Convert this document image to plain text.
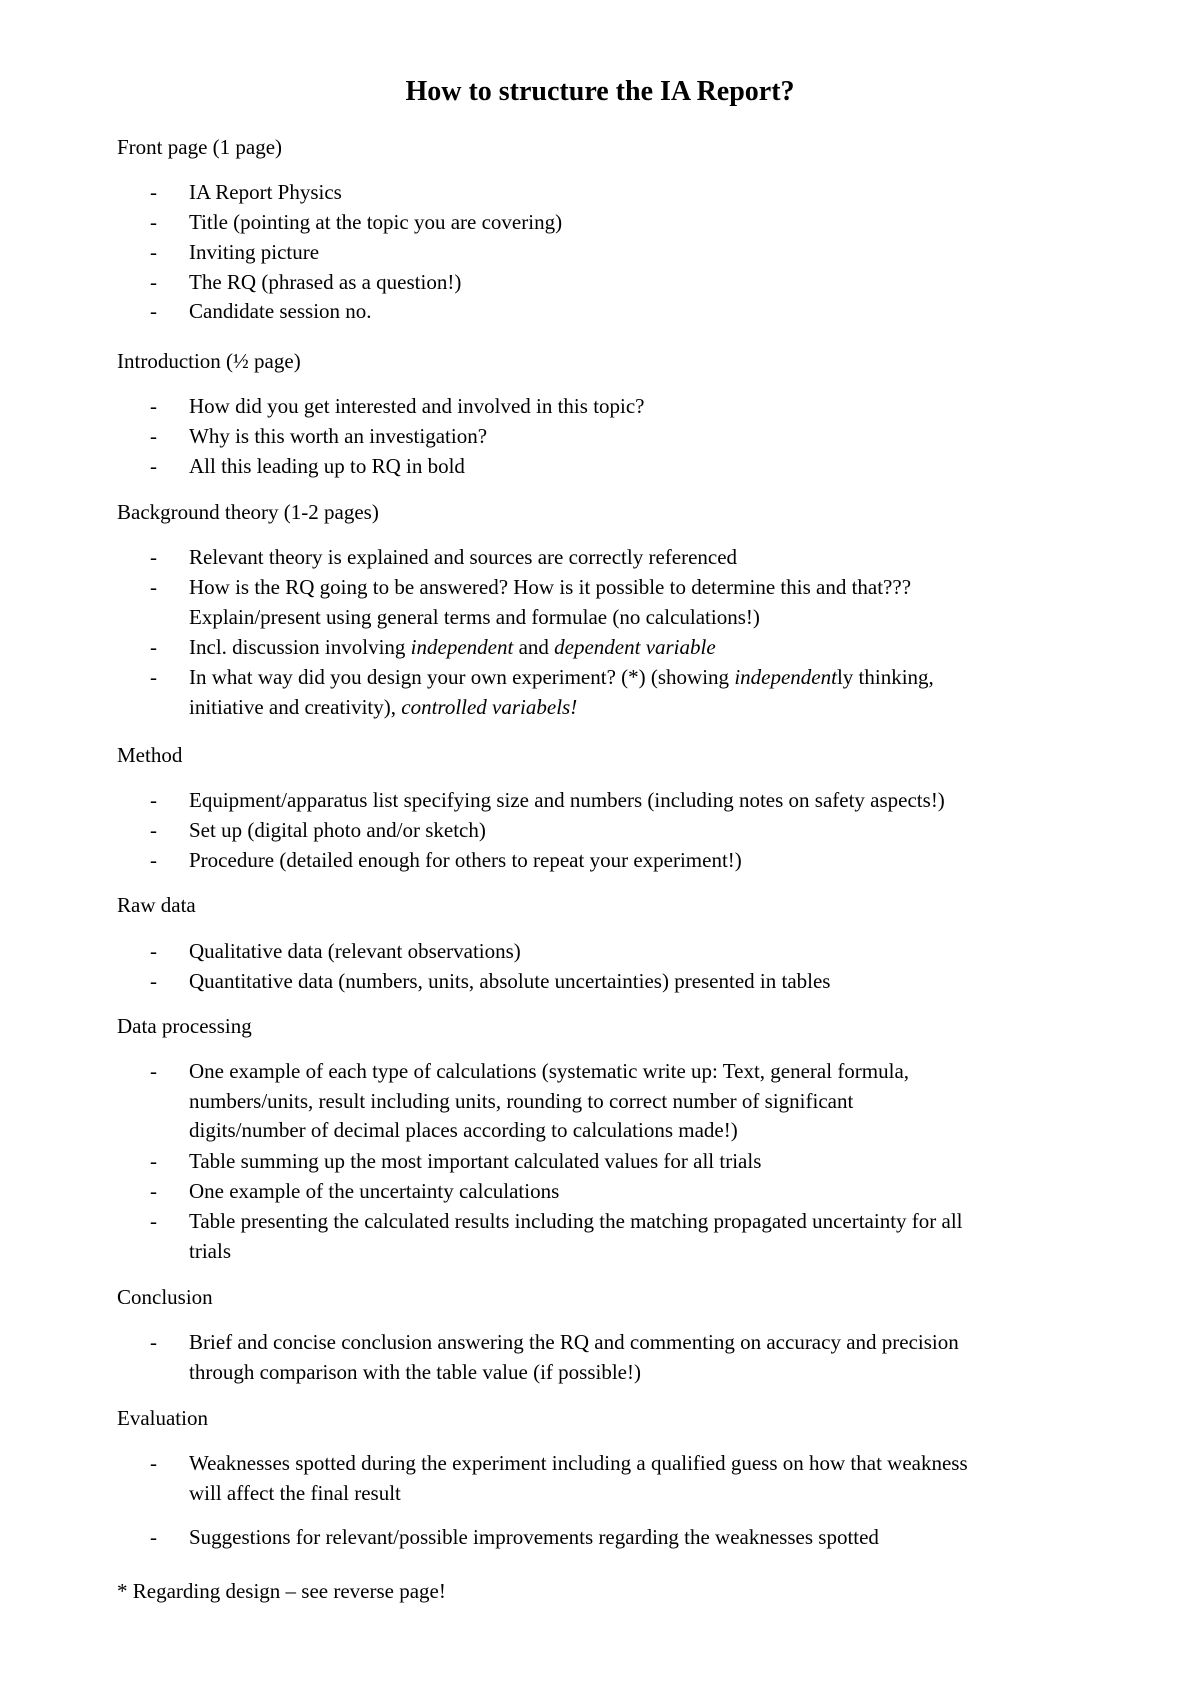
How to structure the IA Report?
Front page (1 page)
- IA Report Physics
- Title (pointing at the topic you are covering)
- Inviting picture
- The RQ (phrased as a question!)
- Candidate session no.
Introduction (½ page)
- How did you get interested and involved in this topic?
- Why is this worth an investigation?
- All this leading up to RQ in bold
Background theory (1-2 pages)
- Relevant theory is explained and sources are correctly referenced
- How is the RQ going to be answered? How is it possible to determine this and that???
Explain/present using general terms and formulae (no calculations!)
- Incl. discussion involving independent and dependent variable
- In what way did you design your own experiment? (*) (showing independently thinking,
initiative and creativity), controlled variabels!
Method
- Equipment/apparatus list specifying size and numbers (including notes on safety aspects!)
- Set up (digital photo and/or sketch)
- Procedure (detailed enough for others to repeat your experiment!)
Raw data
- Qualitative data (relevant observations)
- Quantitative data (numbers, units, absolute uncertainties) presented in tables
Data processing
- One example of each type of calculations (systematic write up: Text, general formula,
numbers/units, result including units, rounding to correct number of significant
digits/number of decimal places according to calculations made!)
- Table summing up the most important calculated values for all trials
- One example of the uncertainty calculations
- Table presenting the calculated results including the matching propagated uncertainty for all
trials
Conclusion
- Brief and concise conclusion answering the RQ and commenting on accuracy and precision
through comparison with the table value (if possible!)
Evaluation
- Weaknesses spotted during the experiment including a qualified guess on how that weakness
will affect the final result
- Suggestions for relevant/possible improvements regarding the weaknesses spotted
* Regarding design – see reverse page!
